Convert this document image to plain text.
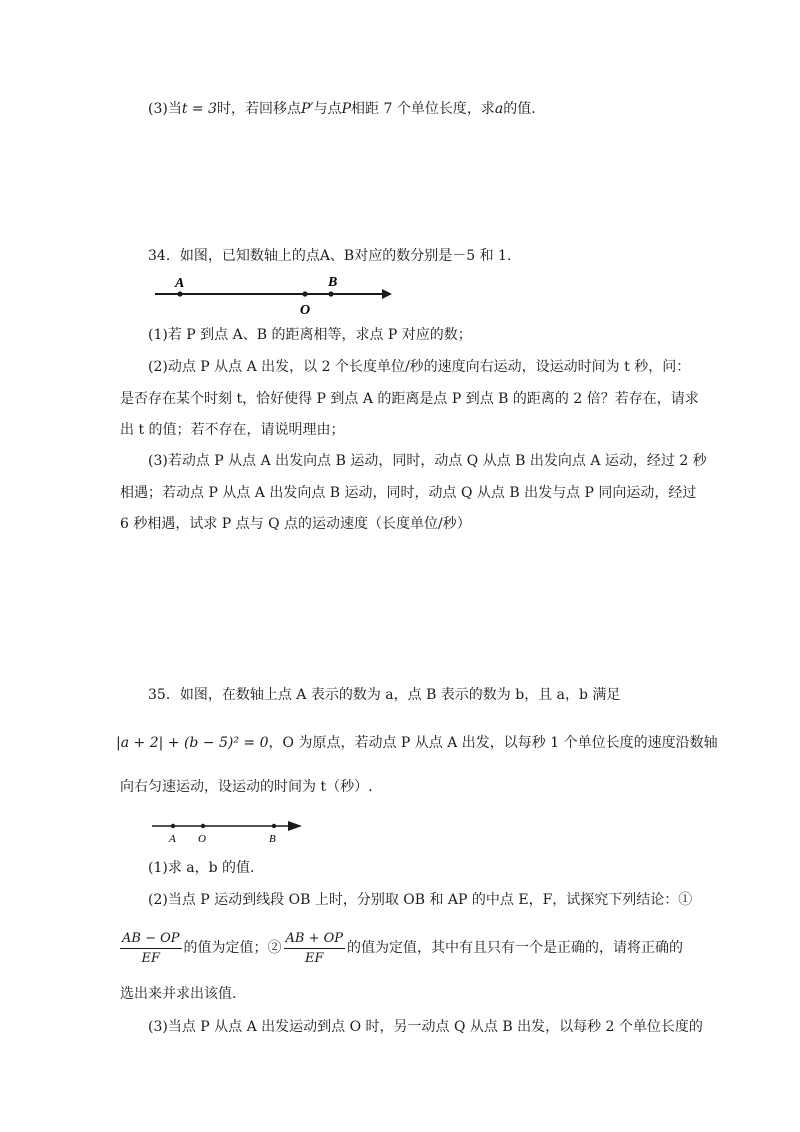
(3)当t = 3时，若回移点P′与点P相距 7 个单位长度，求a的值.
34．如图，已知数轴上的点A、B对应的数分别是－5 和 1.
A	B
O
(1)若 P 到点 A、B 的距离相等，求点 P 对应的数；
(2)动点 P 从点 A 出发，以 2 个长度单位/秒的速度向右运动，设运动时间为 t 秒，问：
是否存在某个时刻 t，恰好使得 P 到点 A 的距离是点 P 到点 B 的距离的 2 倍？若存在，请求
出 t 的值；若不存在，请说明理由；
(3)若动点 P 从点 A 出发向点 B 运动，同时，动点 Q 从点 B 出发向点 A 运动，经过 2 秒
相遇；若动点 P 从点 A 出发向点 B 运动，同时，动点 Q 从点 B 出发与点 P 同向运动，经过
6 秒相遇，试求 P 点与 Q 点的运动速度（长度单位/秒）
35．如图，在数轴上点 A 表示的数为 a，点 B 表示的数为 b，且 a，b 满足
|a + 2| + (b − 5)² = 0，O 为原点，若动点 P 从点 A 出发，以每秒 1 个单位长度的速度沿数轴
向右匀速运动，设运动的时间为 t（秒）.
A O	B
(1)求 a，b 的值.
(2)当点 P 运动到线段 OB 上时，分别取 OB 和 AP 的中点 E，F，试探究下列结论：①
$\frac{AB - OP}{EF}$ 的值为定值；② $\frac{AB + OP}{EF}$ 的值为定值，其中有且只有一个是正确的，请将正确的
选出来并求出该值.
(3)当点 P 从点 A 出发运动到点 O 时，另一动点 Q 从点 B 出发，以每秒 2 个单位长度的
